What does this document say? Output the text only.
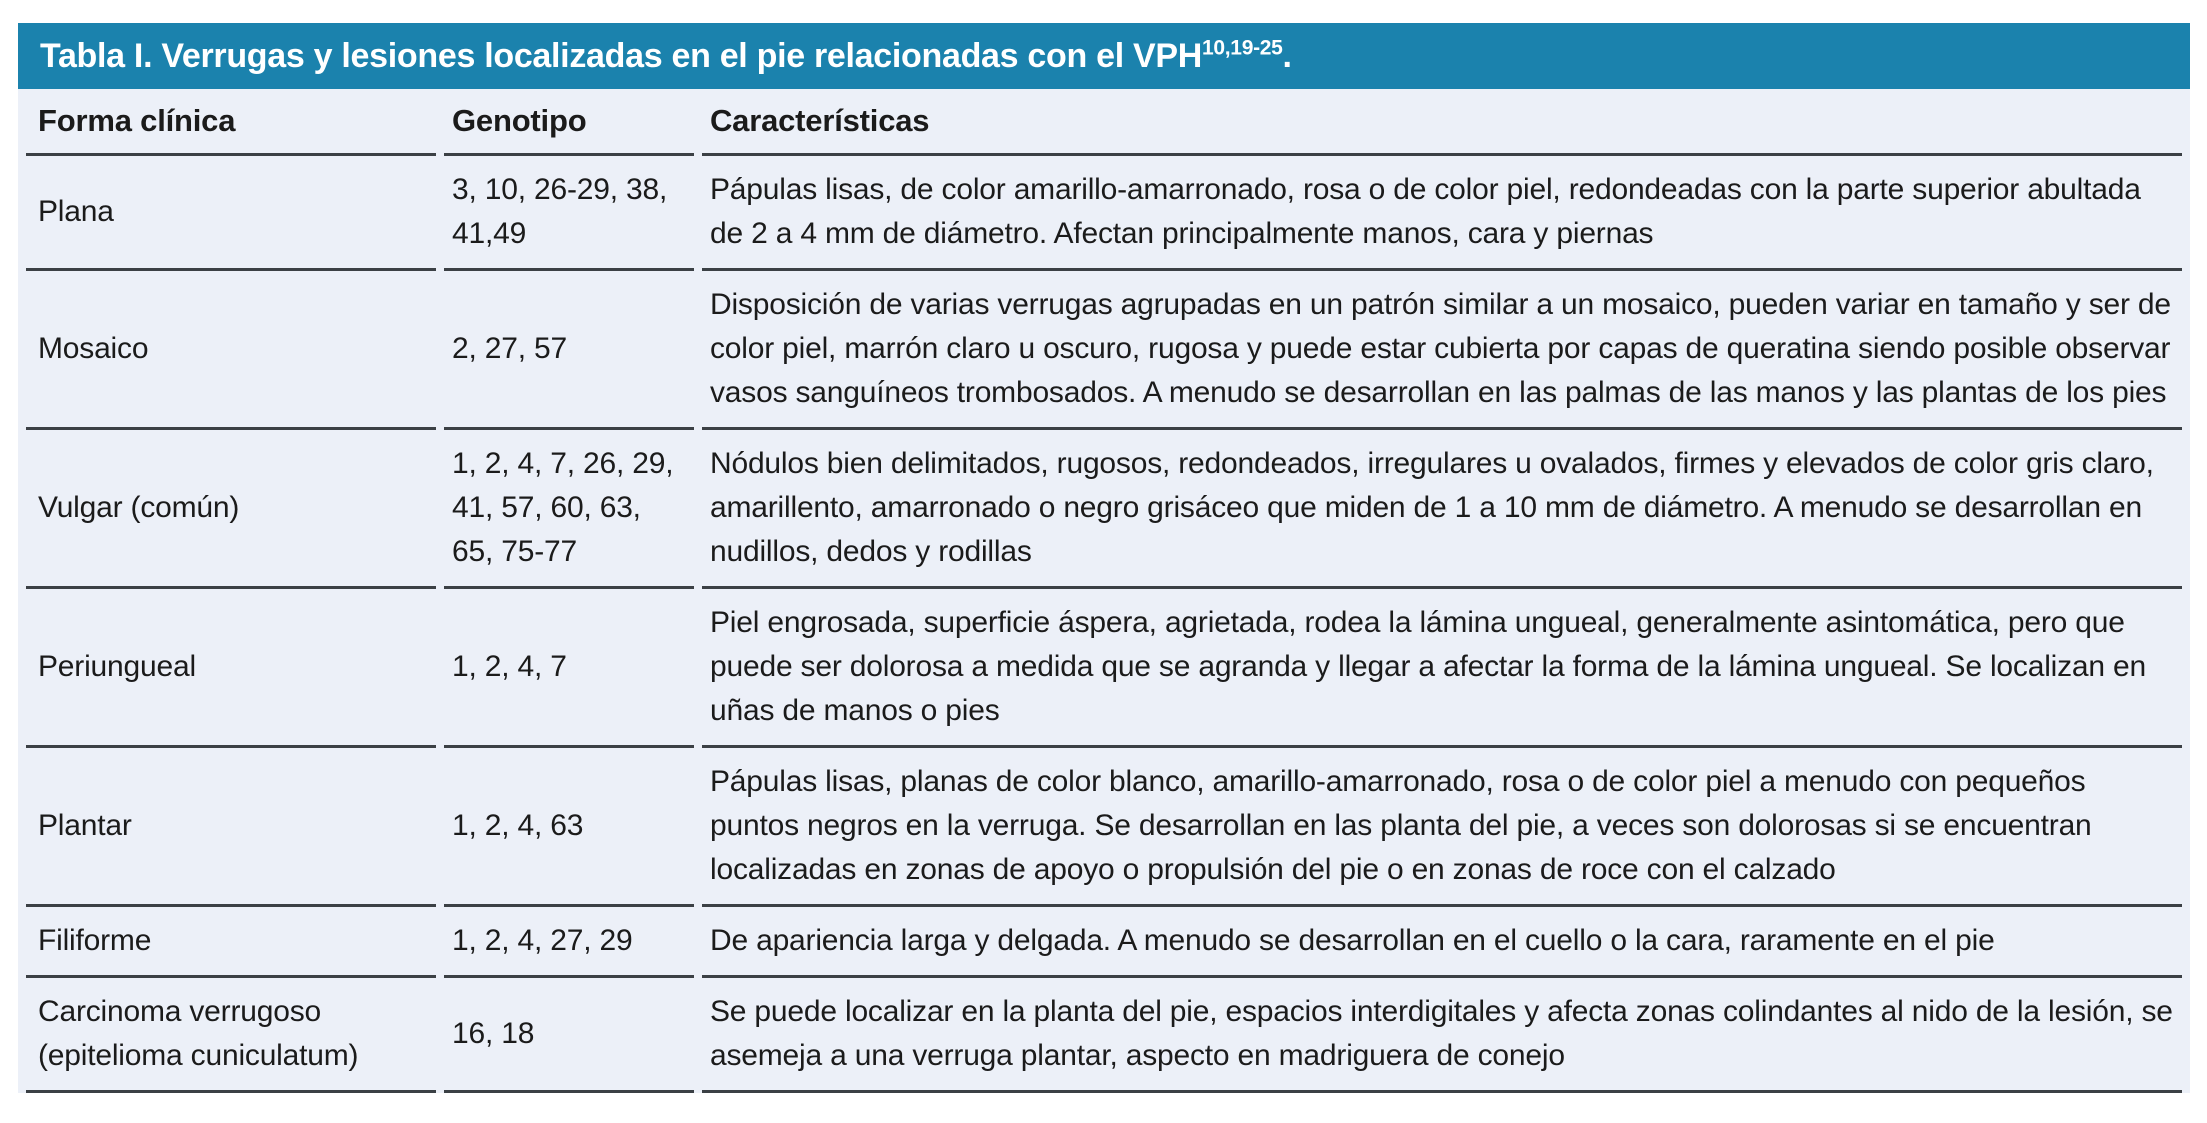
Tabla I. Verrugas y lesiones localizadas en el pie relacionadas con el VPH$^{10,19-25}$.
Forma clínica	Genotipo	Características
Plana	3, 10, 26-29, 38, 41,49	Pápulas lisas, de color amarillo-amarronado, rosa o de color piel, redondeadas con la parte superior abultada de 2 a 4 mm de diámetro. Afectan principalmente manos, cara y piernas
Mosaico	2, 27, 57	Disposición de varias verrugas agrupadas en un patrón similar a un mosaico, pueden variar en tamaño y ser de color piel, marrón claro u oscuro, rugosa y puede estar cubierta por capas de queratina siendo posible observar vasos sanguíneos trombosados. A menudo se desarrollan en las palmas de las manos y las plantas de los pies
Vulgar (común)	1, 2, 4, 7, 26, 29, 41, 57, 60, 63, 65, 75-77	Nódulos bien delimitados, rugosos, redondeados, irregulares u ovalados, firmes y elevados de color gris claro, amarillento, amarronado o negro grisáceo que miden de 1 a 10 mm de diámetro. A menudo se desarrollan en nudillos, dedos y rodillas
Periungueal	1, 2, 4, 7	Piel engrosada, superficie áspera, agrietada, rodea la lámina ungueal, generalmente asintomática, pero que puede ser dolorosa a medida que se agranda y llegar a afectar la forma de la lámina ungueal. Se localizan en uñas de manos o pies
Plantar	1, 2, 4, 63	Pápulas lisas, planas de color blanco, amarillo-amarronado, rosa o de color piel a menudo con pequeños puntos negros en la verruga. Se desarrollan en las planta del pie, a veces son dolorosas si se encuentran localizadas en zonas de apoyo o propulsión del pie o en zonas de roce con el calzado
Filiforme	1, 2, 4, 27, 29	De apariencia larga y delgada. A menudo se desarrollan en el cuello o la cara, raramente en el pie
Carcinoma verrugoso (epitelioma cuniculatum)	16, 18	Se puede localizar en la planta del pie, espacios interdigitales y afecta zonas colindantes al nido de la lesión, se asemeja a una verruga plantar, aspecto en madriguera de conejo
